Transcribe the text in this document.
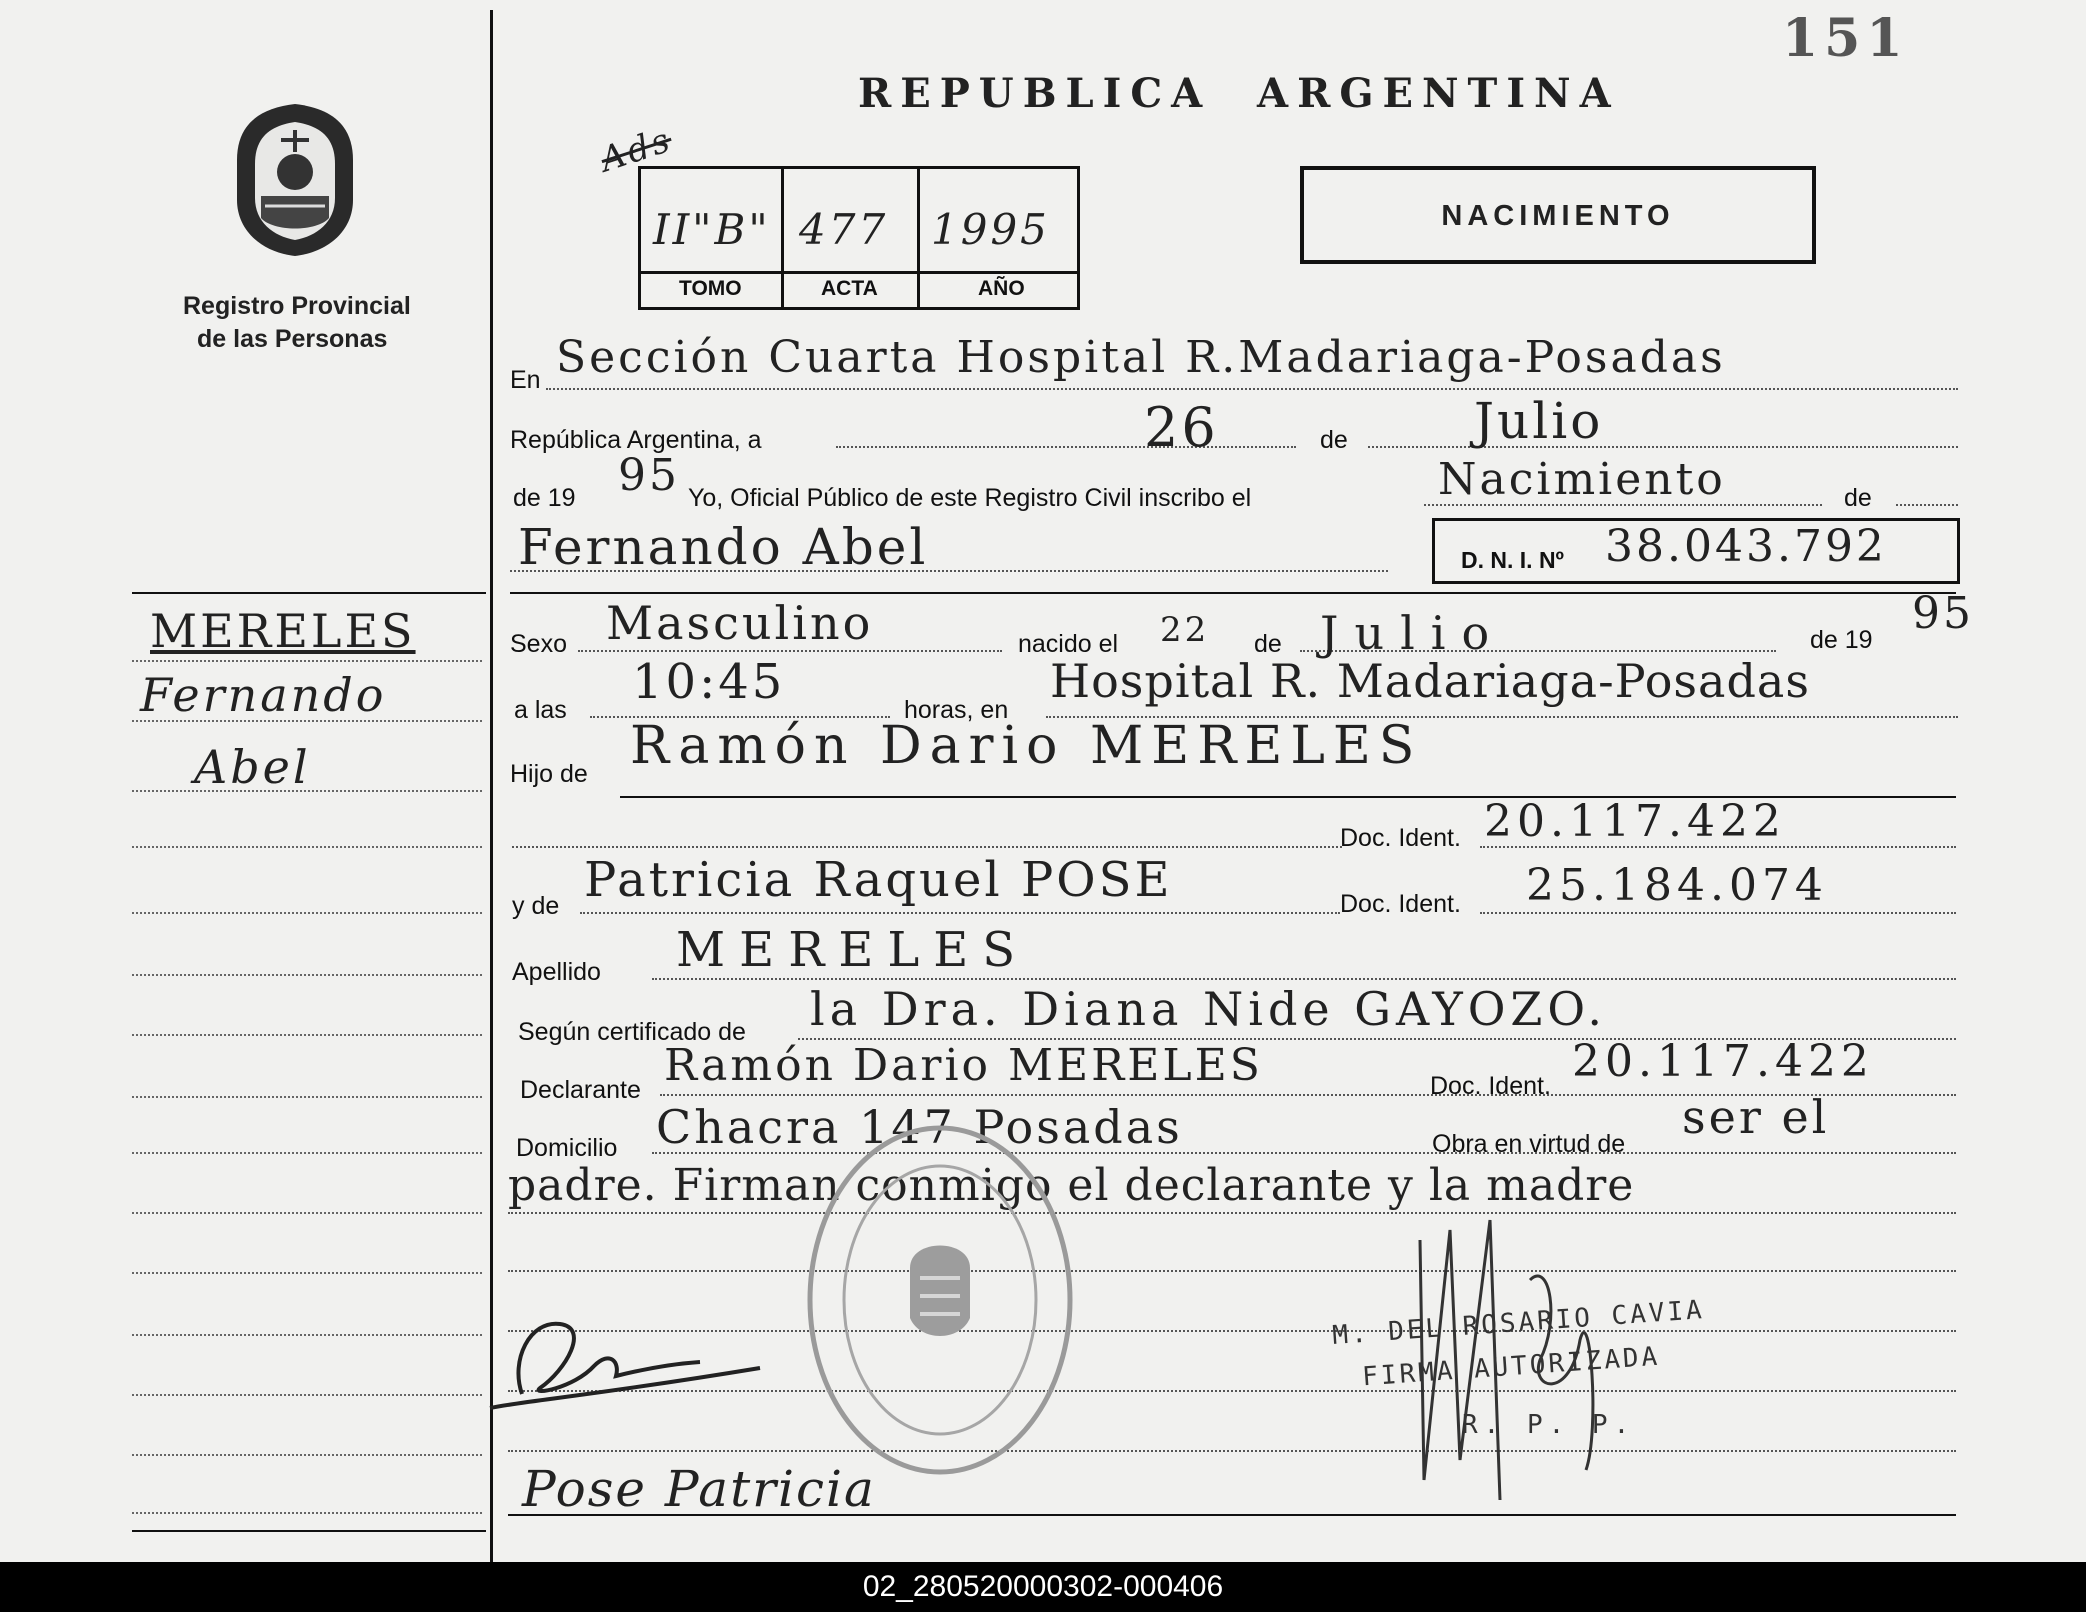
151
Registro Provincial
de las Personas
REPUBLICA  ARGENTINA
Ads
II"B" 477 1995
TOMO	ACTA	AÑO
NACIMIENTO
MERELES
Fernando
Abel
En Sección Cuarta Hospital R.Madariaga-Posadas
República Argentina, a	26	de	Julio
de 19 95 Yo, Oficial Público de este Registro Civil inscribo el	Nacimiento	de
Fernando Abel	D. N. I. Nº 38.043.792
Sexo Masculino	nacido el 22 de Julio	de 19
95
a las 10:45	horas, en
Hospital R. Madariaga-Posadas
Hijo de Ramón Dario MERELES
Doc. Ident. 20.117.422
y de Patricia Raquel POSE	Doc. Ident. 25.184.074
Apellido MERELES
Según certificado de la Dra. Diana Nide GAYOZO.
Declarante Ramón Dario MERELES	Doc. Ident. 20.117.422
Domicilio Chacra 147 Posadas	Obra en virtud de ser el
padre. Firman conmigo el declarante y la madre
Pose Patricia
M. DEL ROSARIO CAVIA
FIRMA AUTORIZADA
R. P. P.
02_280520000302-000406
